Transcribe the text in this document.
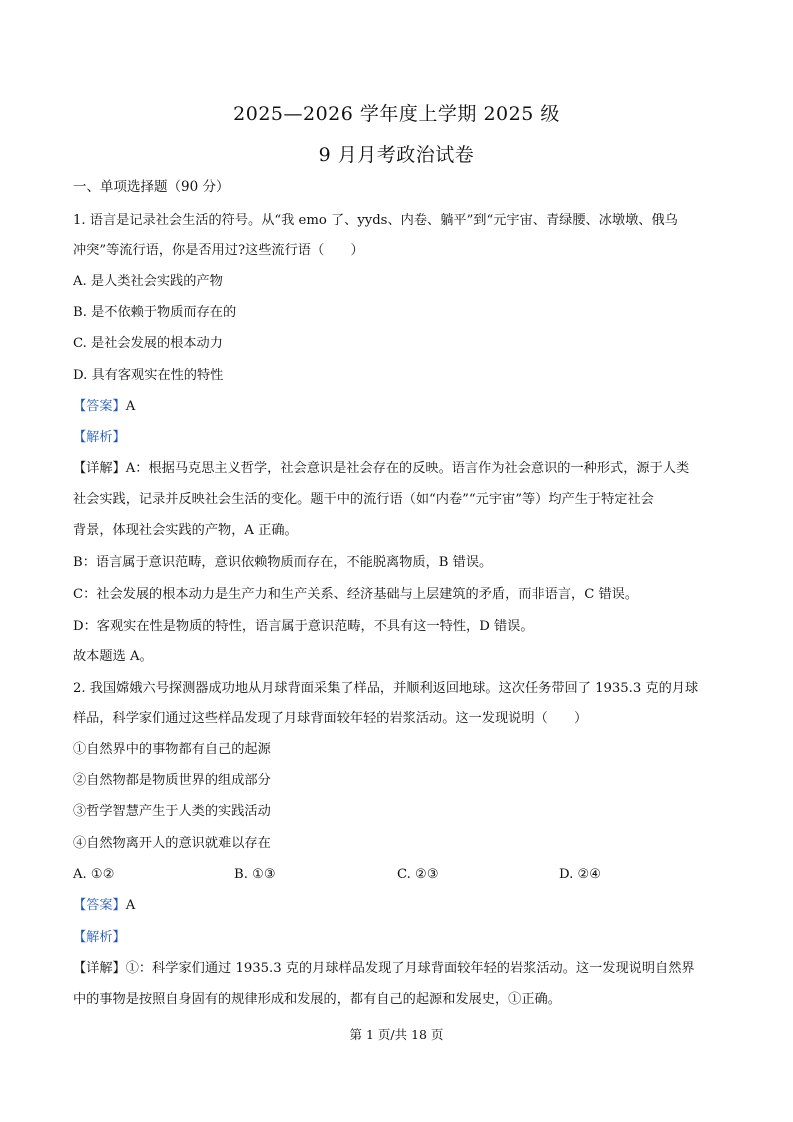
2025—2026 学年度上学期 2025 级
9 月月考政治试卷
一、单项选择题（90 分）
1. 语言是记录社会生活的符号。从“我 emo 了、yyds、内卷、躺平”到“元宇宙、青绿腰、冰墩墩、俄乌
冲突”等流行语，你是否用过?这些流行语（　　）
A. 是人类社会实践的产物
B. 是不依赖于物质而存在的
C. 是社会发展的根本动力
D. 具有客观实在性的特性
【答案】A
【解析】
【详解】A：根据马克思主义哲学，社会意识是社会存在的反映。语言作为社会意识的一种形式，源于人类
社会实践，记录并反映社会生活的变化。题干中的流行语（如“内卷”“元宇宙”等）均产生于特定社会
背景，体现社会实践的产物，A 正确。
B：语言属于意识范畴，意识依赖物质而存在，不能脱离物质，B 错误。
C：社会发展的根本动力是生产力和生产关系、经济基础与上层建筑的矛盾，而非语言，C 错误。
D：客观实在性是物质的特性，语言属于意识范畴，不具有这一特性，D 错误。
故本题选 A。
2. 我国嫦娥六号探测器成功地从月球背面采集了样品，并顺利返回地球。这次任务带回了 1935.3 克的月球
样品，科学家们通过这些样品发现了月球背面较年轻的岩浆活动。这一发现说明（　　）
①自然界中的事物都有自己的起源
②自然物都是物质世界的组成部分
③哲学智慧产生于人类的实践活动
④自然物离开人的意识就难以存在
A. ①②	B. ①③	C. ②③	D. ②④
【答案】A
【解析】
【详解】①：科学家们通过 1935.3 克的月球样品发现了月球背面较年轻的岩浆活动。这一发现说明自然界
中的事物是按照自身固有的规律形成和发展的，都有自己的起源和发展史，①正确。
第 1 页/共 18 页
